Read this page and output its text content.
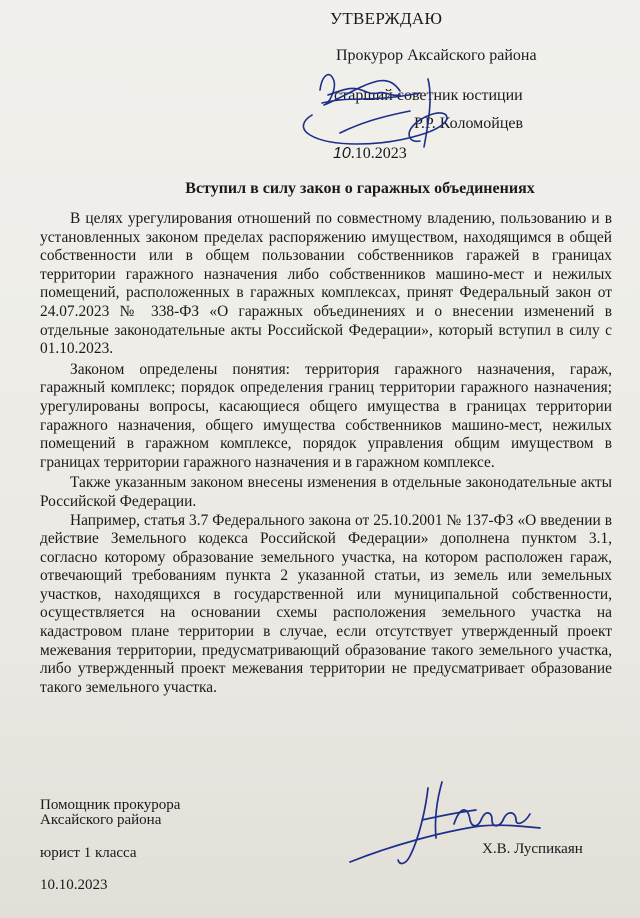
УТВЕРЖДАЮ
Прокурор Аксайского района
старший советник юстиции
Р.Р. Коломойцев
10.10.2023
Вступил в силу закон о гаражных объединениях

В целях урегулирования отношений по совместному владению, пользованию и в установленных законом пределах распоряжению имуществом, находящимся в общей собственности или в общем пользовании собственников гаражей в границах территории гаражного назначения либо собственников машино-мест и нежилых помещений, расположенных в гаражных комплексах, принят Федеральный закон от 24.07.2023 № 338-ФЗ «О гаражных объединениях и о внесении изменений в отдельные законодательные акты Российской Федерации», который вступил в силу с 01.10.2023.

Законом определены понятия: территория гаражного назначения, гараж, гаражный комплекс; порядок определения границ территории гаражного назначения; урегулированы вопросы, касающиеся общего имущества в границах территории гаражного назначения, общего имущества собственников машино-мест, нежилых помещений в гаражном комплексе, порядок управления общим имуществом в границах территории гаражного назначения и в гаражном комплексе.

Также указанным законом внесены изменения в отдельные законодательные акты Российской Федерации.

Например, статья 3.7 Федерального закона от 25.10.2001 № 137-ФЗ «О введении в действие Земельного кодекса Российской Федерации» дополнена пунктом 3.1, согласно которому образование земельного участка, на котором расположен гараж, отвечающий требованиям пункта 2 указанной статьи, из земель или земельных участков, находящихся в государственной или муниципальной собственности, осуществляется на основании схемы расположения земельного участка на кадастровом плане территории в случае, если отсутствует утвержденный проект межевания территории, предусматривающий образование такого земельного участка, либо утвержденный проект межевания территории не предусматривает образование такого земельного участка.

Помощник прокурора
Аксайского района
юрист 1 класса
10.10.2023
Х.В. Луспикаян
